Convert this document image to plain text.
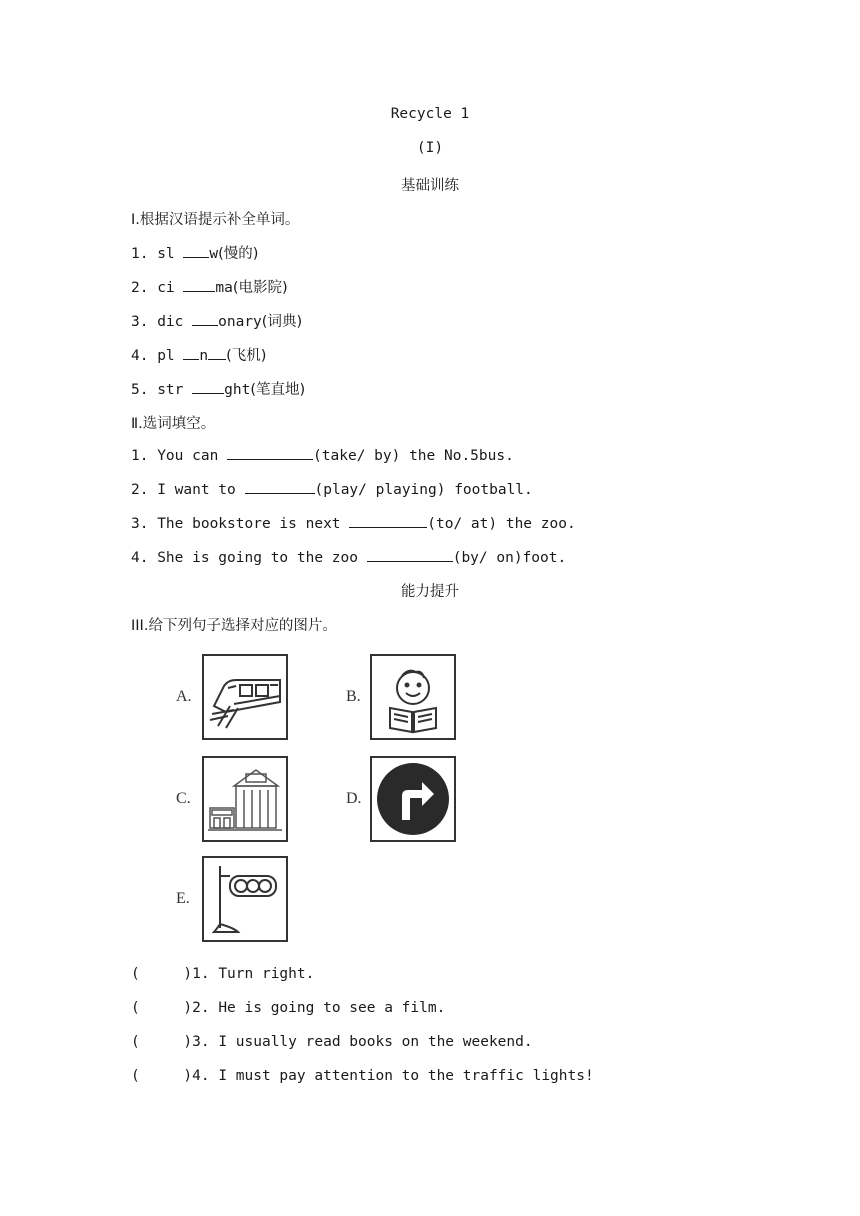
Recycle 1
(I)
基础训练
Ⅰ.根据汉语提示补全单词。
1. sl w(慢的)
2. ci ma(电影院)
3. dic onary(词典)
4. pl n (飞机)
5. str ght(笔直地)
Ⅱ.选词填空。
1. You can	(take/ by) the No.5bus.
2. I want to	(play/ playing) football.
3. The bookstore is next	(to/ at) the zoo.
4. She is going to the zoo	(by/ on)foot.
能力提升
III.给下列句子选择对应的图片。
A.	B.
C.	D.
E.
(	)1. Turn right.
(	)2. He is going to see a film.
(	)3. I usually read books on the weekend.
(	)4. I must pay attention to the traffic lights!
